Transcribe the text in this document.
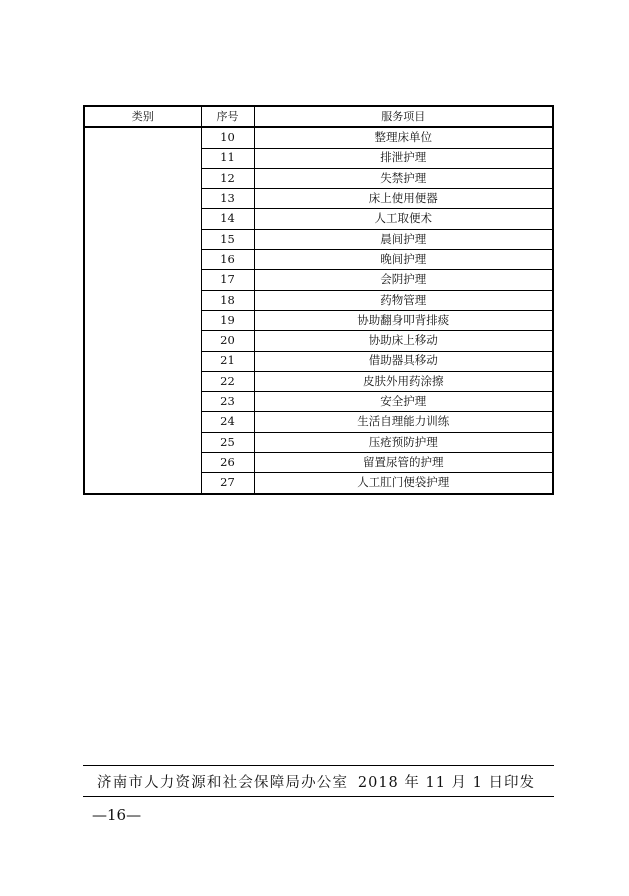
类别	序号	服务项目
	10	整理床单位
	11	排泄护理
	12	失禁护理
	13	床上使用便器
	14	人工取便术
	15	晨间护理
	16	晚间护理
	17	会阴护理
	18	药物管理
	19	协助翻身叩背排痰
	20	协助床上移动
	21	借助器具移动
	22	皮肤外用药涂擦
	23	安全护理
	24	生活自理能力训练
	25	压疮预防护理
	26	留置尿管的护理
	27	人工肛门便袋护理
济南市人力资源和社会保障局办公室 2018 年 11 月 1 日印发
—16—
